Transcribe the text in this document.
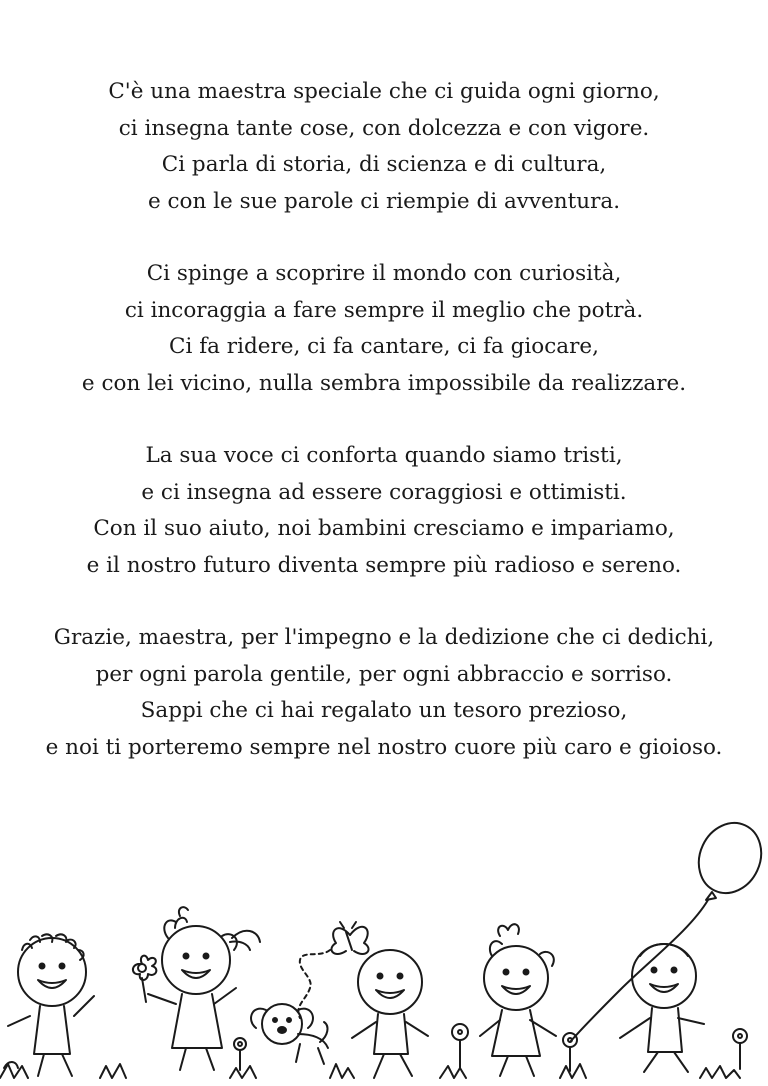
C'è una maestra speciale che ci guida ogni giorno,
ci insegna tante cose, con dolcezza e con vigore.
Ci parla di storia, di scienza e di cultura,
e con le sue parole ci riempie di avventura.

Ci spinge a scoprire il mondo con curiosità,
ci incoraggia a fare sempre il meglio che potrà.
Ci fa ridere, ci fa cantare, ci fa giocare,
e con lei vicino, nulla sembra impossibile da realizzare.

La sua voce ci conforta quando siamo tristi,
e ci insegna ad essere coraggiosi e ottimisti.
Con il suo aiuto, noi bambini cresciamo e impariamo,
e il nostro futuro diventa sempre più radioso e sereno.

Grazie, maestra, per l'impegno e la dedizione che ci dedichi,
per ogni parola gentile, per ogni abbraccio e sorriso.
Sappi che ci hai regalato un tesoro prezioso,
e noi ti porteremo sempre nel nostro cuore più caro e gioioso.
